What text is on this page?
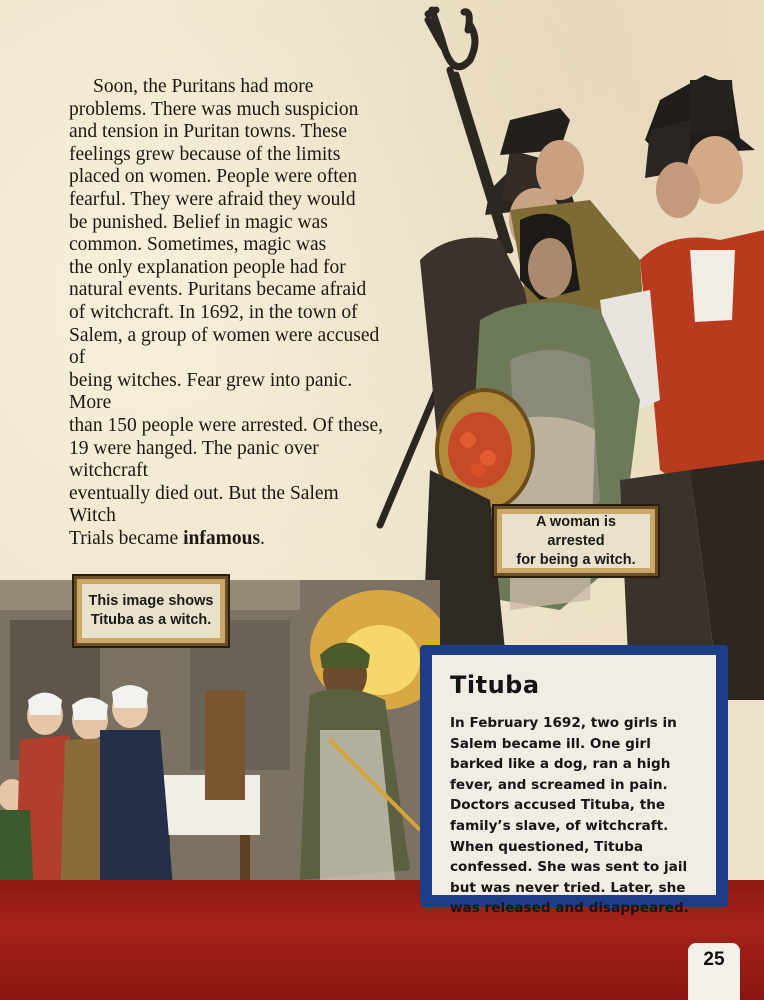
Soon, the Puritans had more
problems. There was much suspicion
and tension in Puritan towns. These
feelings grew because of the limits
placed on women. People were often
fearful. They were afraid they would
be punished. Belief in magic was
common. Sometimes, magic was
the only explanation people had for
natural events. Puritans became afraid
of witchcraft. In 1692, in the town of
Salem, a group of women were accused of
being witches. Fear grew into panic. More
than 150 people were arrested. Of these,
19 were hanged. The panic over witchcraft
eventually died out. But the Salem Witch
Trials became infamous.
A woman is arrested
for being a witch.
This image shows
Tituba as a witch.
Tituba
In February 1692, two girls in
Salem became ill. One girl
barked like a dog, ran a high
fever, and screamed in pain.
Doctors accused Tituba, the
family’s slave, of witchcraft.
When questioned, Tituba
confessed. She was sent to jail
but was never tried. Later, she
was released and disappeared.
25
